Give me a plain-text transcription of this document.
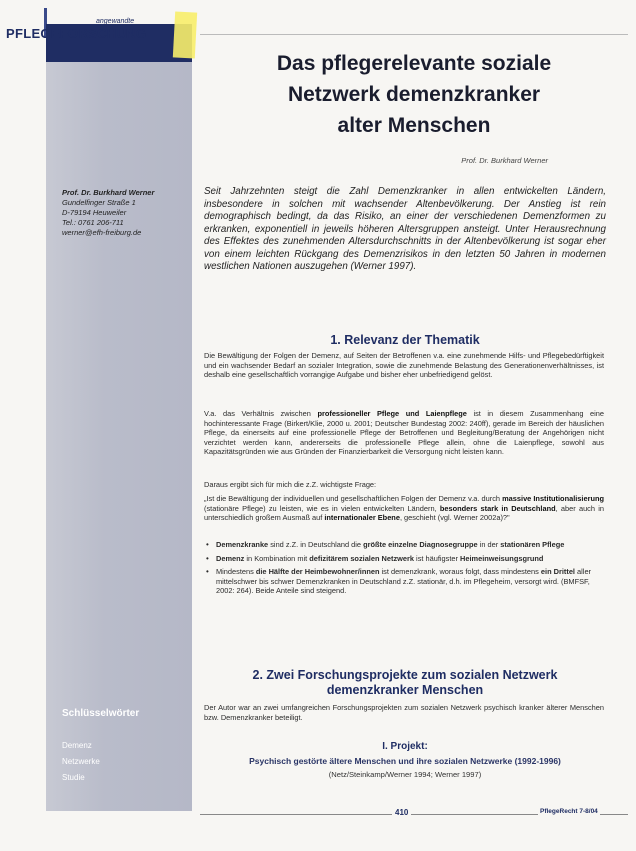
angewandte
PFLEGEFORSCHUNG
Das pflegerelevante soziale
Netzwerk demenzkranker
alter Menschen
Prof. Dr. Burkhard Werner
Prof. Dr. Burkhard Werner
Gundelfinger Straße 1
D-79194 Heuweiler
Tel.: 0761 206-711
werner@efh-freiburg.de
Seit Jahrzehnten steigt die Zahl Demenzkranker in allen entwickelten Ländern, insbesondere in solchen mit wachsender Altenbevölkerung. Der Anstieg ist rein demographisch bedingt, da das Risiko, an einer der verschiedenen Demenzformen zu erkranken, exponentiell in jeweils höheren Altersgruppen ansteigt. Unter Herausrechnung des Effektes des zunehmenden Altersdurchschnitts in der Altenbevölkerung ist sogar eher von einem leichten Rückgang des Demenzrisikos in den letzten 50 Jahren in modernen westlichen Nationen auszugehen (Werner 1997).
1. Relevanz der Thematik
Die Bewältigung der Folgen der Demenz, auf Seiten der Betroffenen v.a. eine zunehmende Hilfs- und Pflegebedürftigkeit und ein wachsender Bedarf an sozialer Integration, sowie die zunehmende Belastung des Generationenverhältnisses, ist deshalb eine gesellschaftlich vorrangige Aufgabe und bisher eher unbefriedigend gelöst.
V.a. das Verhältnis zwischen professioneller Pflege und Laienpflege ist in diesem Zusammenhang eine hochinteressante Frage (Birkert/Klie, 2000 u. 2001; Deutscher Bundestag 2002: 240ff), gerade im Bereich der häuslichen Pflege, da einerseits auf eine professionelle Pflege der Betroffenen und Begleitung/Beratung der Angehörigen nicht verzichtet werden kann, andererseits die professionelle Pflege allein, ohne die Laienpflege, sowohl aus Kapazitätsgründen wie aus Gründen der Finanzierbarkeit die Versorgung nicht leisten kann.
Daraus ergibt sich für mich die z.Z. wichtigste Frage:
„Ist die Bewältigung der individuellen und gesellschaftlichen Folgen der Demenz v.a. durch massive Institutionalisierung (stationäre Pflege) zu leisten, wie es in vielen entwickelten Ländern, besonders stark in Deutschland, aber auch in unterschiedlich großem Ausmaß auf internationaler Ebene, geschieht (vgl. Werner 2002a)?"
• Demenzkranke sind z.Z. in Deutschland die größte einzelne Diagnosegruppe in der stationären Pflege
• Demenz in Kombination mit defizitärem sozialen Netzwerk ist häufigster Heimeinweisungsgrund
• Mindestens die Hälfte der Heimbewohner/innen ist demenzkrank, woraus folgt, dass mindestens ein Drittel aller mittelschwer bis schwer Demenzkranken in Deutschland z.Z. stationär, d.h. im Pflegeheim, versorgt wird. (BMFSF, 2002: 264). Beide Anteile sind steigend.
2. Zwei Forschungsprojekte zum sozialen Netzwerk
demenzkranker Menschen
Der Autor war an zwei umfangreichen Forschungsprojekten zum sozialen Netzwerk psychisch kranker älterer Menschen bzw. Demenzkranker beteiligt.
I. Projekt:
Psychisch gestörte ältere Menschen und ihre sozialen Netzwerke (1992-1996)
(Netz/Steinkamp/Werner 1994; Werner 1997)
Schlüsselwörter
Demenz
Netzwerke
Studie
410	PflegeRecht 7-8/04
